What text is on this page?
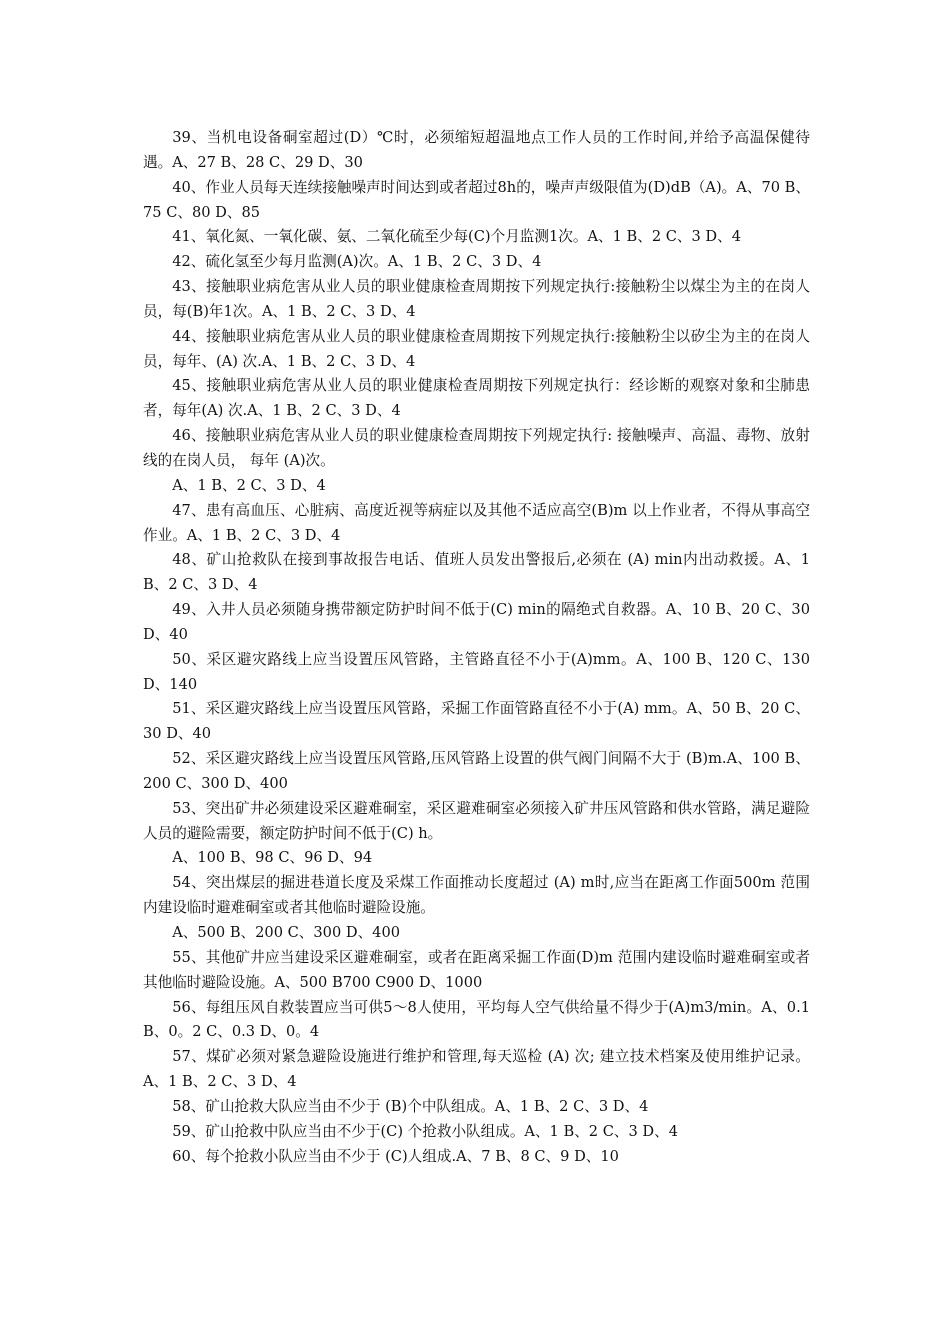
39、当机电设备硐室超过(D）℃时，必须缩短超温地点工作人员的工作时间,并给予高温保健待遇。A、27 B、28 C、29 D、30

40、作业人员每天连续接触噪声时间达到或者超过8h的，噪声声级限值为(D)dB（A)。A、70 B、75 C、80 D、85

41、氧化氮、一氧化碳、氨、二氧化硫至少每(C)个月监测1次。A、1 B、2 C、3 D、4

42、硫化氢至少每月监测(A)次。A、1 B、2 C、3 D、4

43、接触职业病危害从业人员的职业健康检查周期按下列规定执行:接触粉尘以煤尘为主的在岗人员，每(B)年1次。A、1 B、2 C、3 D、4

44、接触职业病危害从业人员的职业健康检查周期按下列规定执行:接触粉尘以矽尘为主的在岗人员，每年、(A) 次.A、1 B、2 C、3 D、4

45、接触职业病危害从业人员的职业健康检查周期按下列规定执行：经诊断的观察对象和尘肺患者，每年(A) 次.A、1 B、2 C、3 D、4

46、接触职业病危害从业人员的职业健康检查周期按下列规定执行: 接触噪声、高温、毒物、放射线的在岗人员， 每年 (A)次。

A、1 B、2 C、3 D、4

47、患有高血压、心脏病、高度近视等病症以及其他不适应高空(B)m 以上作业者，不得从事高空作业。A、1 B、2 C、3 D、4

48、矿山抢救队在接到事故报告电话、值班人员发出警报后,必须在 (A) min内出动救援。A、1 B、2 C、3 D、4

49、入井人员必须随身携带额定防护时间不低于(C) min的隔绝式自救器。A、10 B、20 C、30 D、40

50、采区避灾路线上应当设置压风管路，主管路直径不小于(A)mm。A、100 B、120 C、130 D、140

51、采区避灾路线上应当设置压风管路，采掘工作面管路直径不小于(A) mm。A、50 B、20 C、30 D、40

52、采区避灾路线上应当设置压风管路,压风管路上设置的供气阀门间隔不大于 (B)m.A、100 B、200 C、300 D、400

53、突出矿井必须建设采区避难硐室，采区避难硐室必须接入矿井压风管路和供水管路，满足避险人员的避险需要，额定防护时间不低于(C) h。

A、100 B、98 C、96 D、94

54、突出煤层的掘进巷道长度及采煤工作面推动长度超过 (A) m时,应当在距离工作面500m 范围内建设临时避难硐室或者其他临时避险设施。

A、500 B、200 C、300 D、400

55、其他矿井应当建设采区避难硐室，或者在距离采掘工作面(D)m 范围内建设临时避难硐室或者其他临时避险设施。A、500 B700 C900 D、1000

56、每组压风自救装置应当可供5～8人使用，平均每人空气供给量不得少于(A)m3/min。A、0.1 B、0。2 C、0.3 D、0。4

57、煤矿必须对紧急避险设施进行维护和管理,每天巡检 (A) 次; 建立技术档案及使用维护记录。A、1 B、2 C、3 D、4

58、矿山抢救大队应当由不少于 (B)个中队组成。A、1 B、2 C、3 D、4

59、矿山抢救中队应当由不少于(C) 个抢救小队组成。A、1 B、2 C、3 D、4

60、每个抢救小队应当由不少于 (C)人组成.A、7 B、8 C、9 D、10
